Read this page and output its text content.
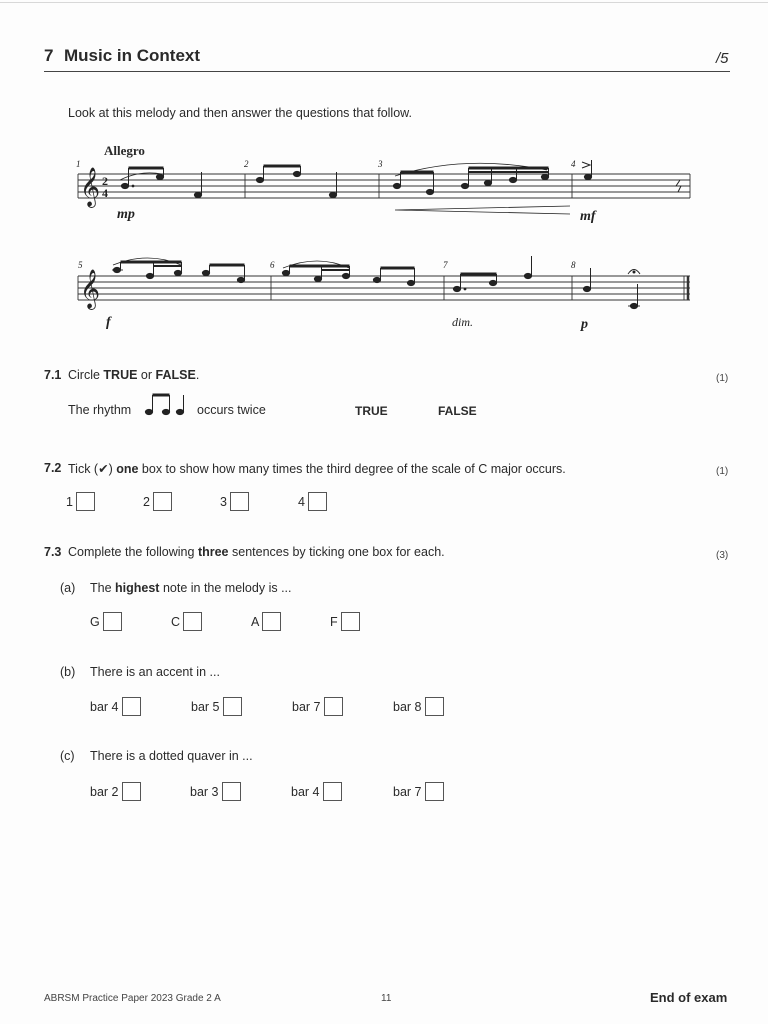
7 Music in Context	/5
Look at this melody and then answer the questions that follow.
Allegro
1	2	3	4
5	6	7	8
𝄞 2
4
𝄞
mp	mf
f	dim.	p
7.1 Circle TRUE or FALSE.	(1)
The rhythm	occurs twice	TRUE	FALSE
7.2 Tick (✔) one box to show how many times the third degree of the scale of C major occurs.	(1)
1	2	3	4
7.3 Complete the following three sentences by ticking one box for each.	(3)
(a) The highest note in the melody is ...
G	C	A	F
(b) There is an accent in ...
bar 4	bar 5	bar 7	bar 8
(c) There is a dotted quaver in ...
bar 2	bar 3	bar 4	bar 7
ABRSM Practice Paper 2023 Grade 2 A	11	End of exam
